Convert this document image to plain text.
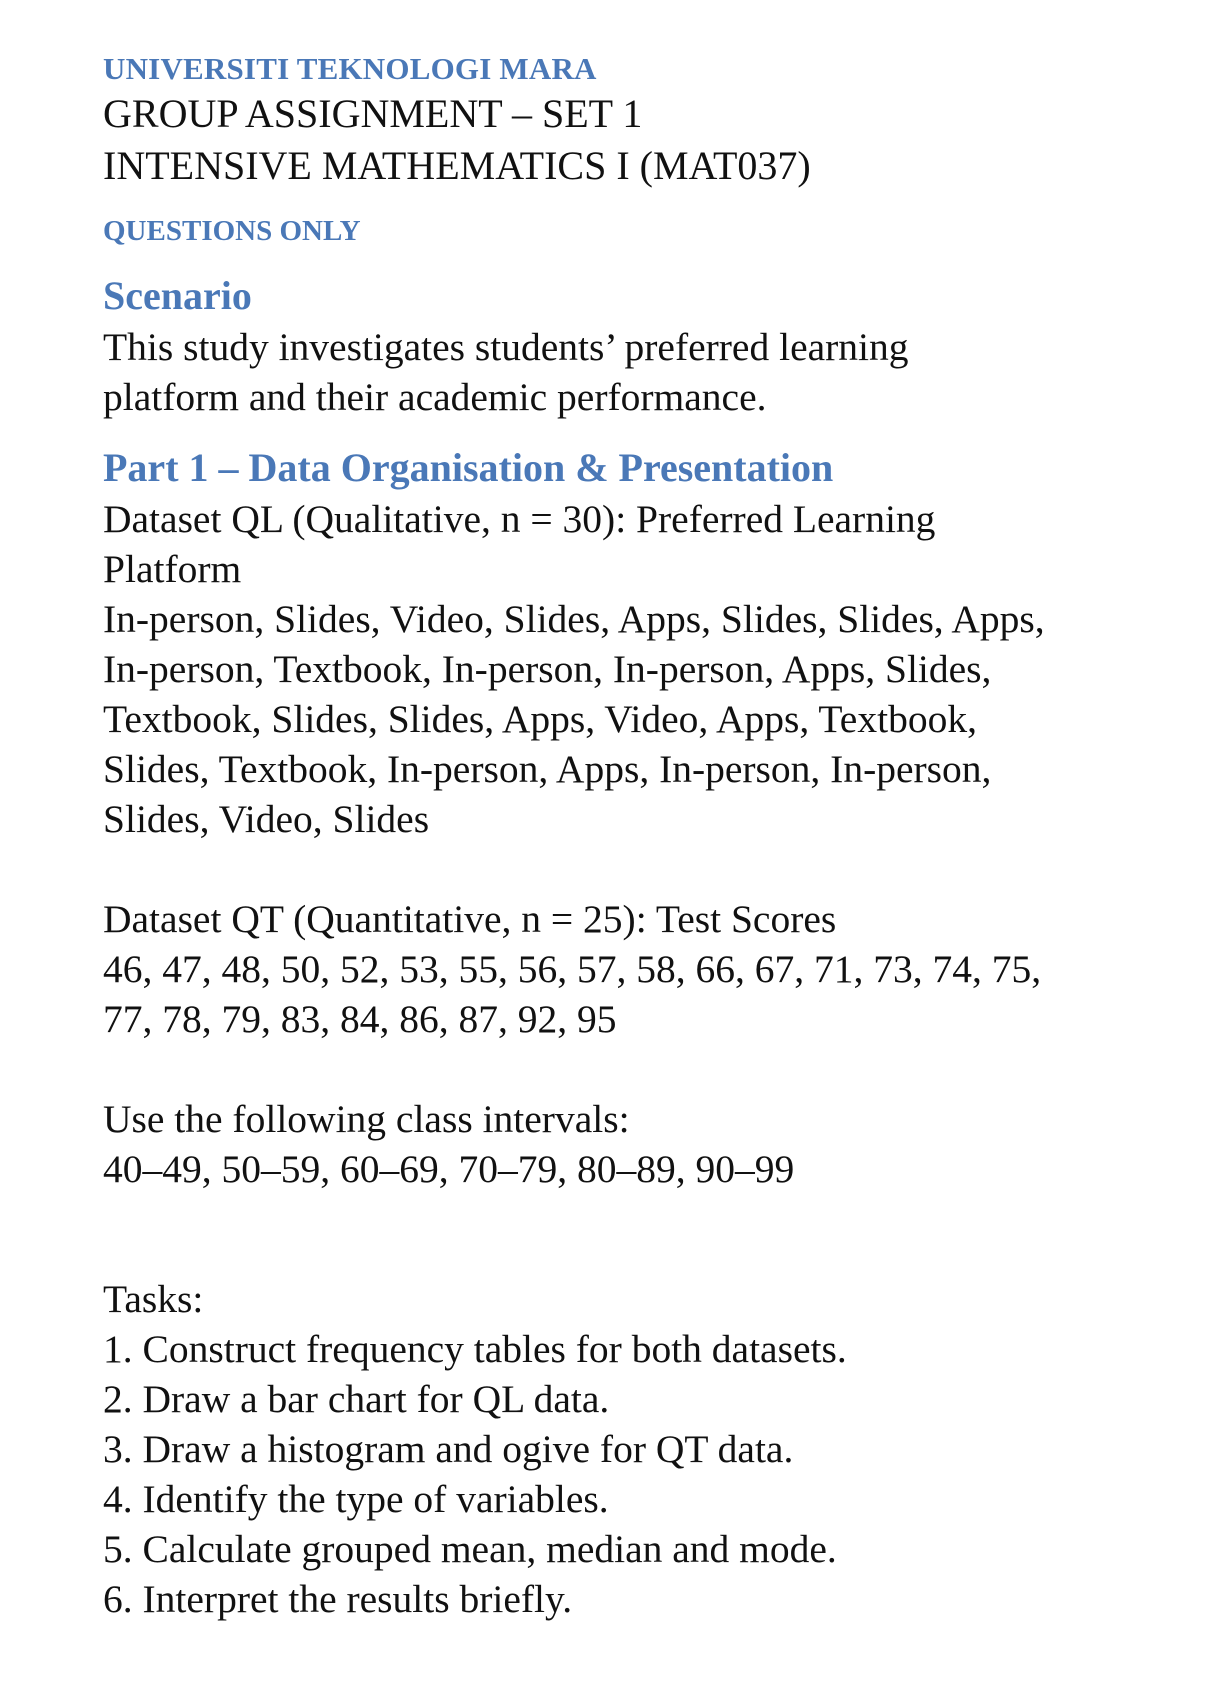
UNIVERSITI TEKNOLOGI MARA
GROUP ASSIGNMENT – SET 1
INTENSIVE MATHEMATICS I (MAT037)
QUESTIONS ONLY
Scenario
This study investigates students’ preferred learning
platform and their academic performance.
Part 1 – Data Organisation & Presentation
Dataset QL (Qualitative, n = 30): Preferred Learning
Platform
In-person, Slides, Video, Slides, Apps, Slides, Slides, Apps,
In-person, Textbook, In-person, In-person, Apps, Slides,
Textbook, Slides, Slides, Apps, Video, Apps, Textbook,
Slides, Textbook, In-person, Apps, In-person, In-person,
Slides, Video, Slides
Dataset QT (Quantitative, n = 25): Test Scores
46, 47, 48, 50, 52, 53, 55, 56, 57, 58, 66, 67, 71, 73, 74, 75,
77, 78, 79, 83, 84, 86, 87, 92, 95
Use the following class intervals:
40–49, 50–59, 60–69, 70–79, 80–89, 90–99
Tasks:
1. Construct frequency tables for both datasets.
2. Draw a bar chart for QL data.
3. Draw a histogram and ogive for QT data.
4. Identify the type of variables.
5. Calculate grouped mean, median and mode.
6. Interpret the results briefly.
